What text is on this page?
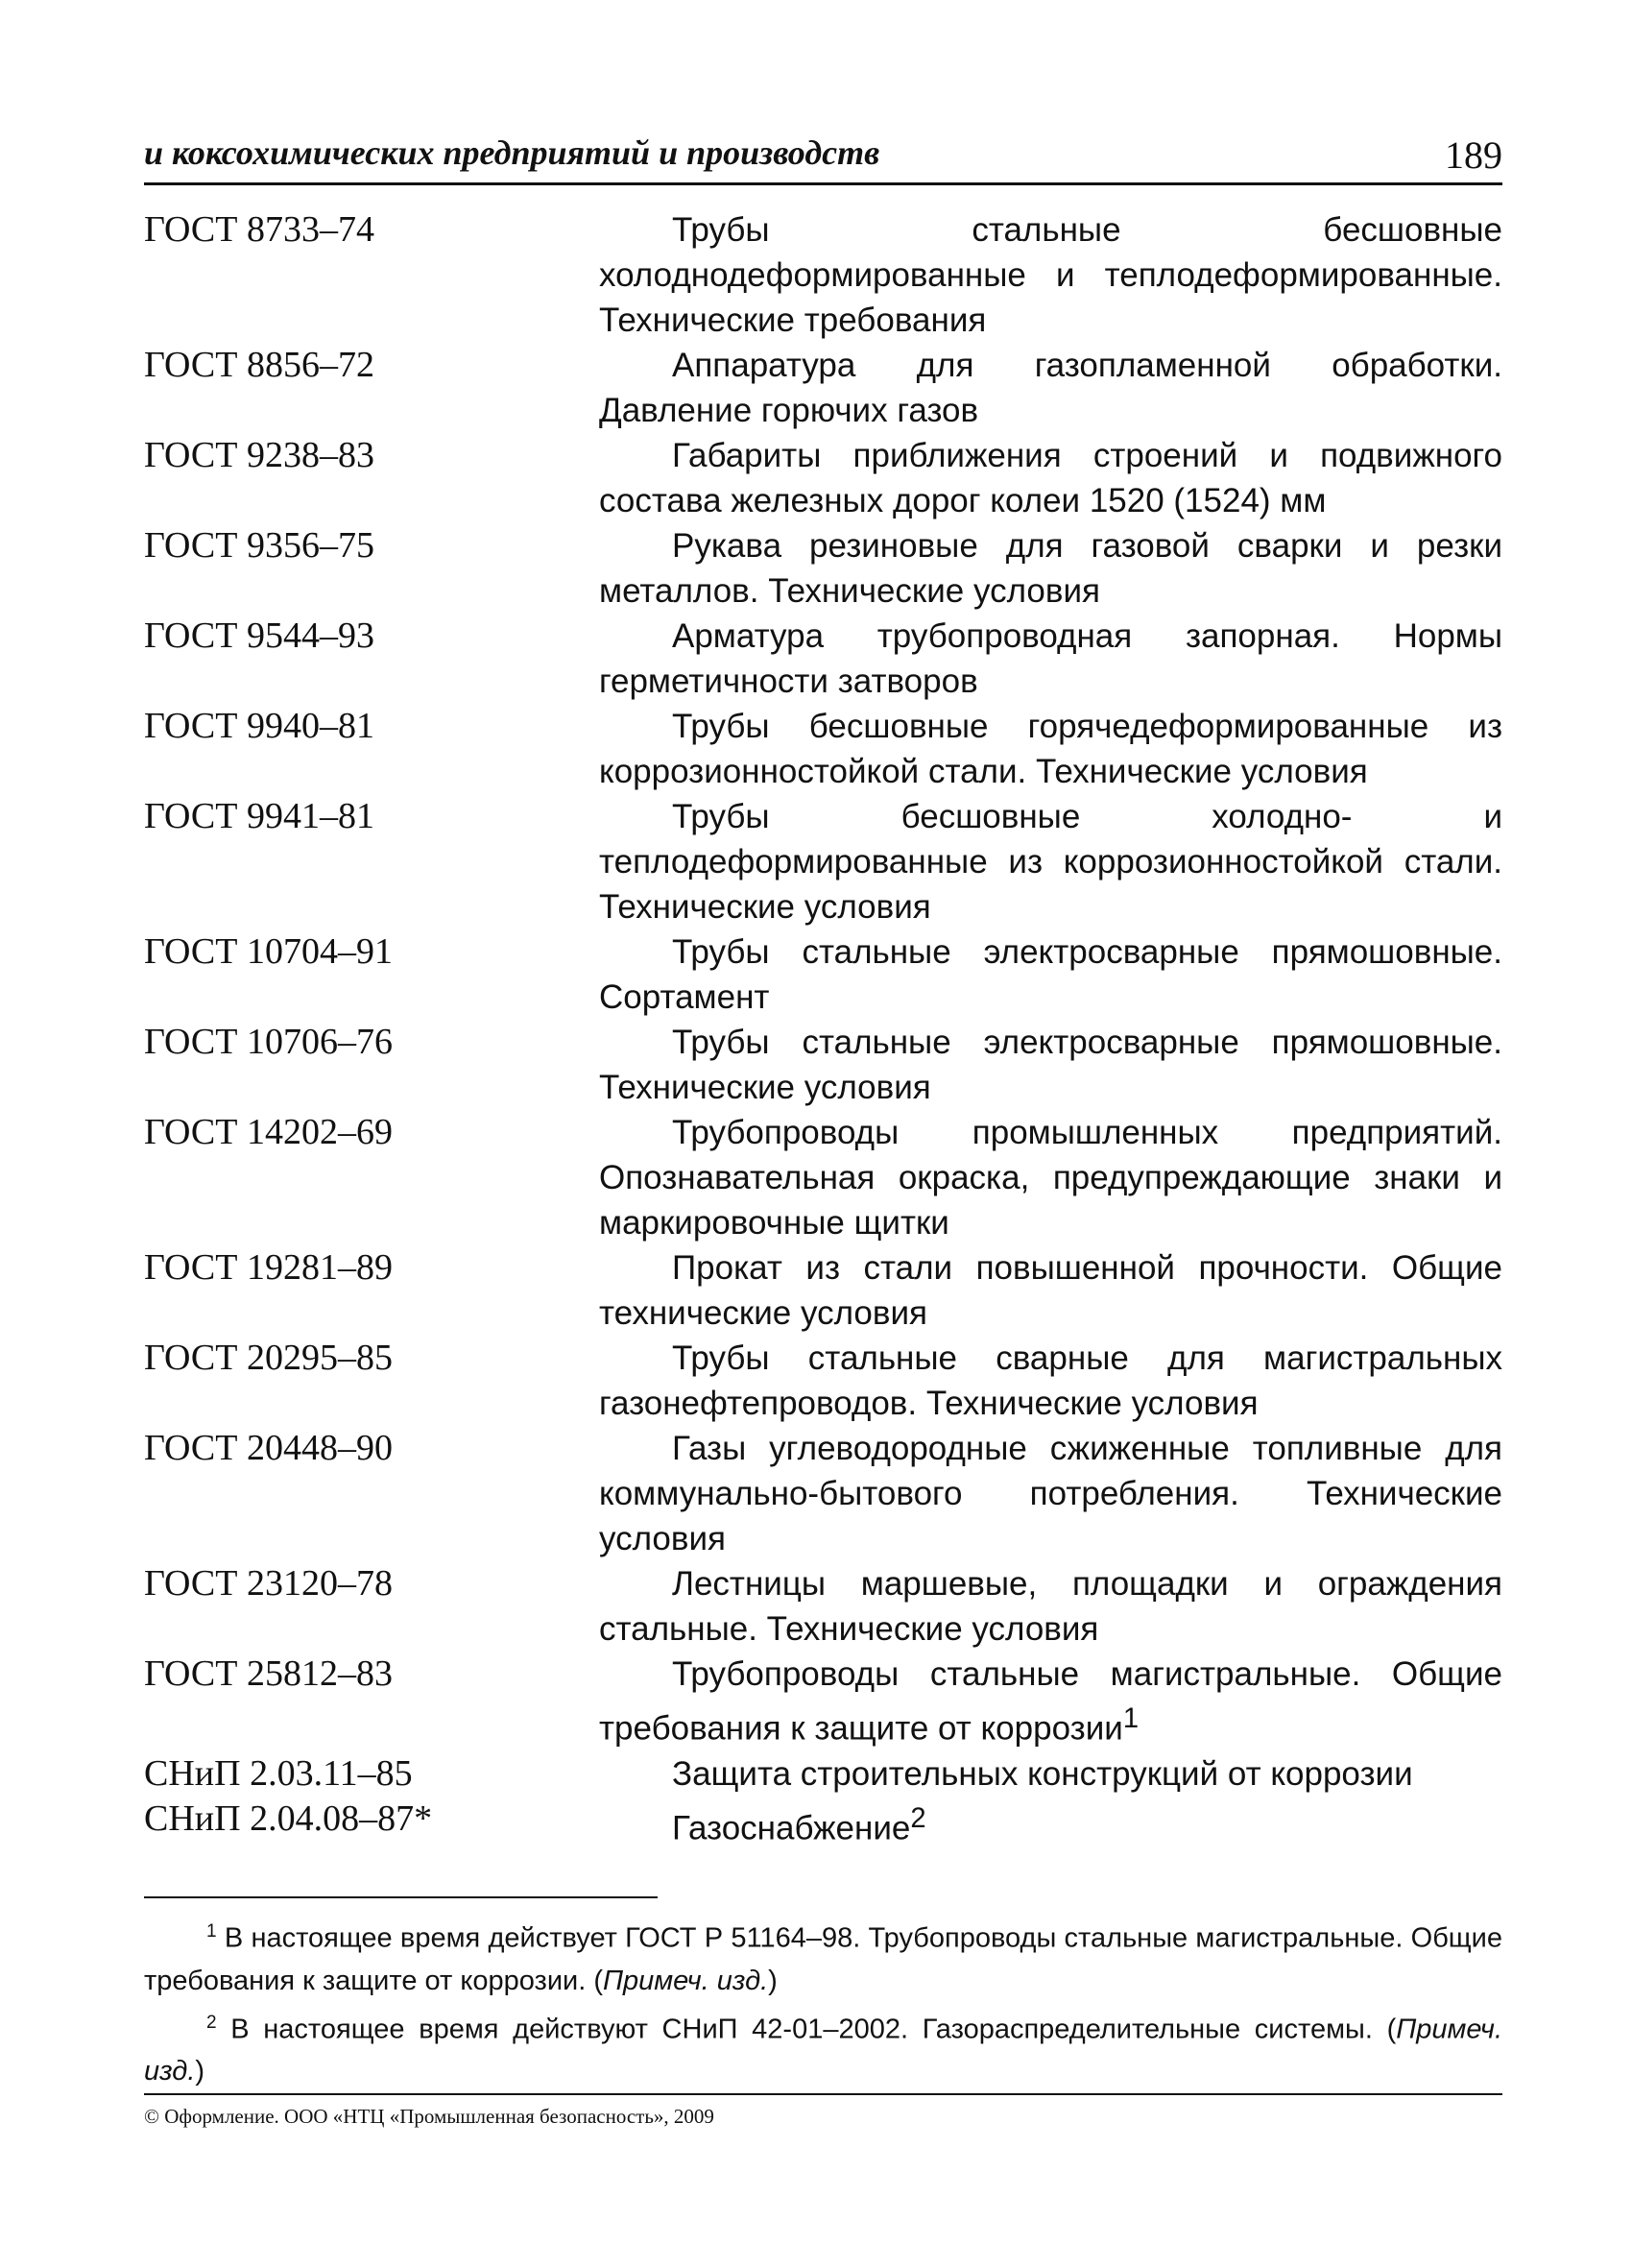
и коксохимических предприятий и производств	189
ГОСТ 8733–74	Трубы стальные бесшовные холоднодеформированные и теплодеформированные. Технические требования
ГОСТ 8856–72	Аппаратура для газопламенной обработки. Давление горючих газов
ГОСТ 9238–83	Габариты приближения строений и подвижного состава железных дорог колеи 1520 (1524) мм
ГОСТ 9356–75	Рукава резиновые для газовой сварки и резки металлов. Технические условия
ГОСТ 9544–93	Арматура трубопроводная запорная. Нормы герметичности затворов
ГОСТ 9940–81	Трубы бесшовные горячедеформированные из коррозионностойкой стали. Технические условия
ГОСТ 9941–81	Трубы бесшовные холодно- и теплодеформированные из коррозионностойкой стали. Технические условия
ГОСТ 10704–91	Трубы стальные электросварные прямошовные. Сортамент
ГОСТ 10706–76	Трубы стальные электросварные прямошовные. Технические условия
ГОСТ 14202–69	Трубопроводы промышленных предприятий. Опознавательная окраска, предупреждающие знаки и маркировочные щитки
ГОСТ 19281–89	Прокат из стали повышенной прочности. Общие технические условия
ГОСТ 20295–85	Трубы стальные сварные для магистральных газонефтепроводов. Технические условия
ГОСТ 20448–90	Газы углеводородные сжиженные топливные для коммунально-бытового потребления. Технические условия
ГОСТ 23120–78	Лестницы маршевые, площадки и ограждения стальные. Технические условия
ГОСТ 25812–83	Трубопроводы стальные магистральные. Общие требования к защите от коррозии$^1$
СНиП 2.03.11–85	Защита строительных конструкций от коррозии
СНиП 2.04.08–87*	Газоснабжение$^2$

$^1$ В настоящее время действует ГОСТ Р 51164–98. Трубопроводы стальные магистральные. Общие требования к защите от коррозии. (Примеч. изд.)

$^2$ В настоящее время действуют СНиП 42-01–2002. Газораспределительные системы. (Примеч. изд.)

© Оформление. ООО «НТЦ «Промышленная безопасность», 2009
